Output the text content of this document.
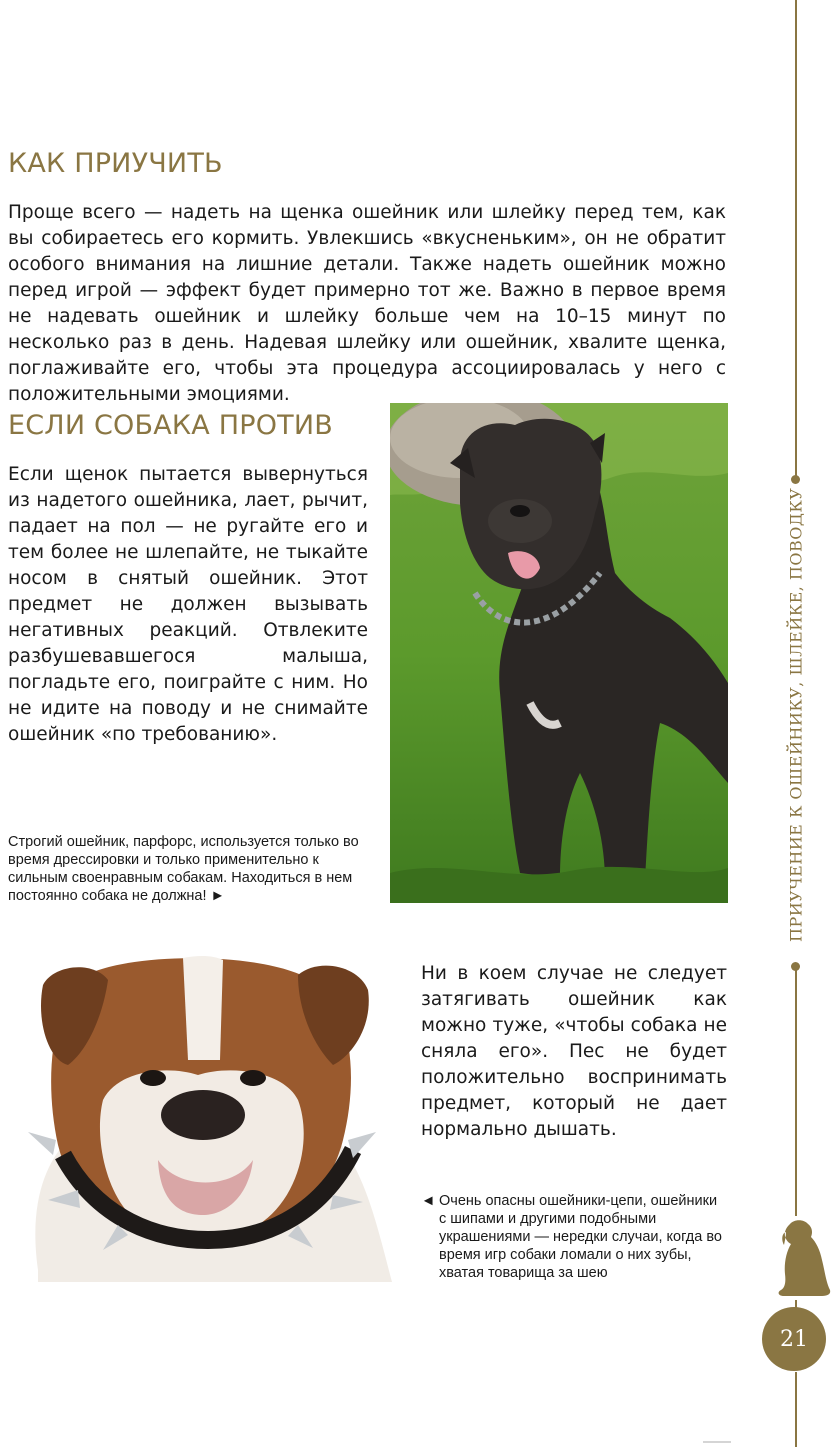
КАК ПРИУЧИТЬ

Проще всего — надеть на щенка ошейник или шлейку перед тем, как вы собираетесь его кормить. Увлекшись «вкусненьким», он не обратит особого внимания на лишние детали. Также надеть ошейник можно перед игрой — эффект будет примерно тот же. Важно в первое время не надевать ошейник и шлейку больше чем на 10–15 минут по несколько раз в день. Надевая шлейку или ошейник, хвалите щенка, поглаживайте его, чтобы эта процедура ассоциировалась у него с положительными эмоциями.

ЕСЛИ СОБАКА ПРОТИВ

Если щенок пытается вывернуться из надетого ошейника, лает, рычит, падает на пол — не ругайте его и тем более не шлепайте, не тыкайте носом в снятый ошейник. Этот предмет не должен вызывать негативных реакций. Отвлеките разбушевавшегося малыша, погладьте его, поиграйте с ним. Но не идите на поводу и не снимайте ошейник «по требованию».

Строгий ошейник, парфорс, используется только во время дрессировки и только применительно к сильным своенравным собакам. Находиться в нем постоянно собака не должна! ►

Ни в коем случае не следует затягивать ошейник как можно туже, «чтобы собака не сняла его». Пес не будет положительно воспринимать предмет, который не дает нормально дышать.

◄ Очень опасны ошейники-цепи, ошейники с шипами и другими подобными украшениями — нередки случаи, когда во время игр собаки ломали о них зубы, хватая товарища за шею

ПРИУЧЕНИЕ К ОШЕЙНИКУ, ШЛЕЙКЕ, ПОВОДКУ
21
